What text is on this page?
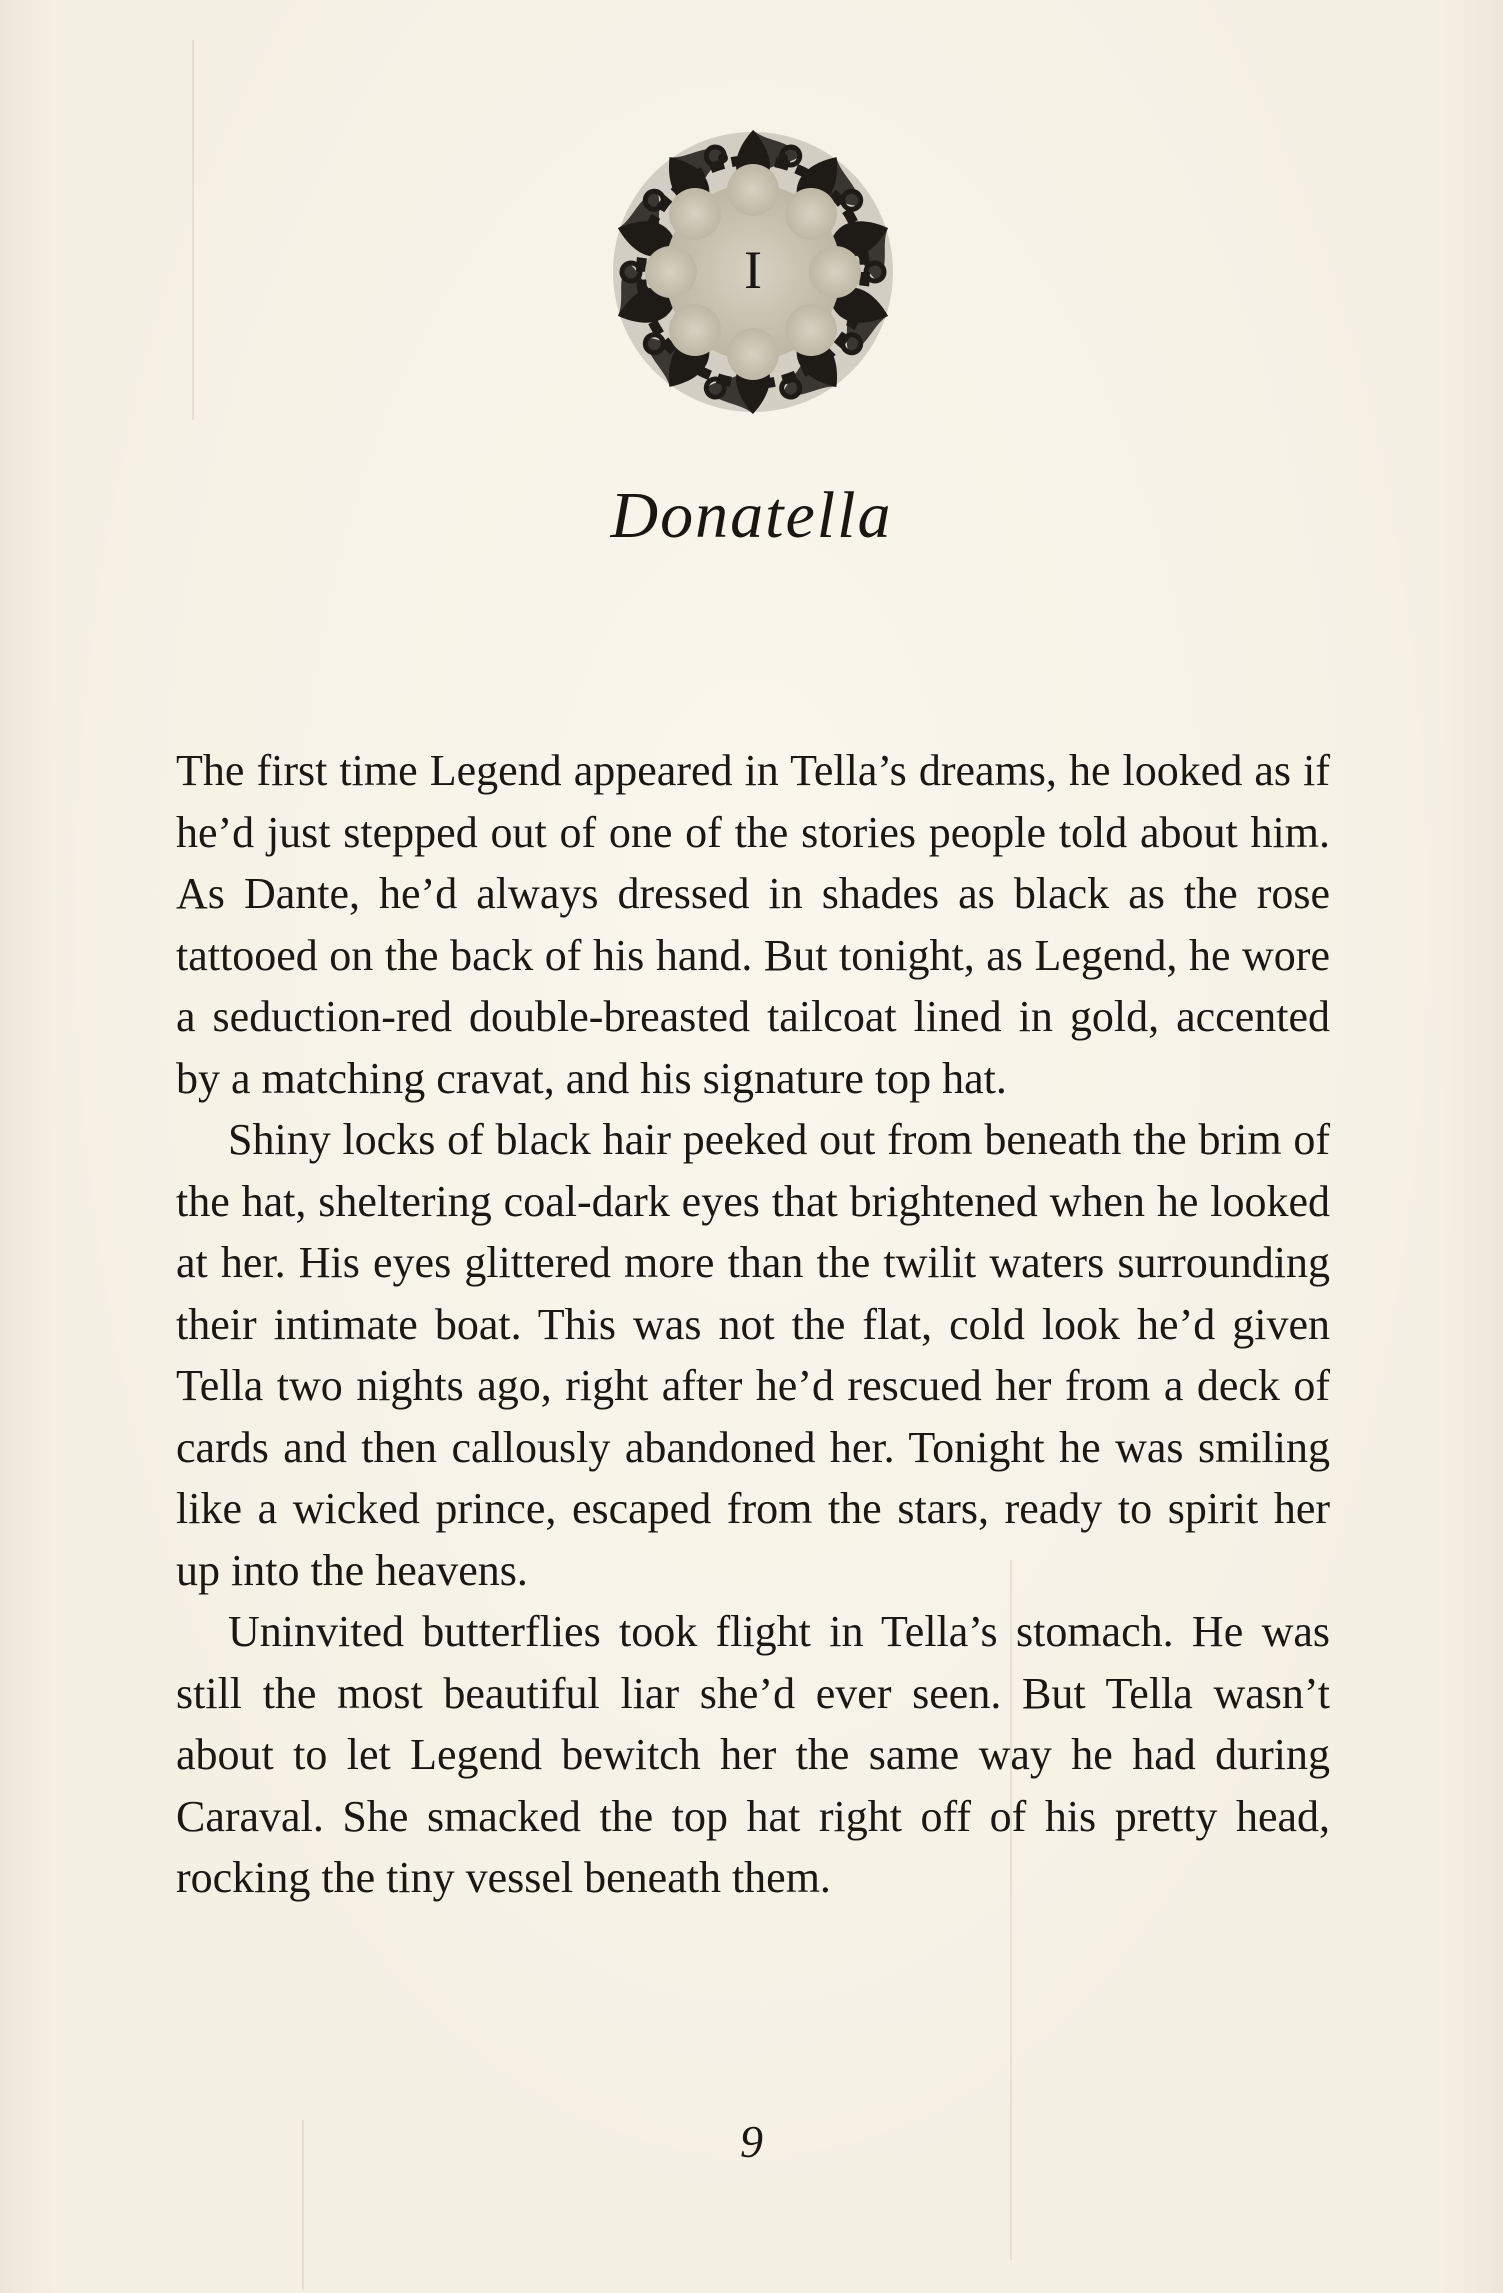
I
Donatella

The first time Legend appeared in Tella’s dreams, he looked as if he’d just stepped out of one of the stories people told about him. As Dante, he’d always dressed in shades as black as the rose tattooed on the back of his hand. But tonight, as Legend, he wore a seduction-red double-breasted tailcoat lined in gold, accented by a matching cravat, and his signature top hat.

Shiny locks of black hair peeked out from beneath the brim of the hat, sheltering coal-dark eyes that brightened when he looked at her. His eyes glittered more than the twilit waters surrounding their intimate boat. This was not the flat, cold look he’d given Tella two nights ago, right after he’d rescued her from a deck of cards and then callously abandoned her. Tonight he was smiling like a wicked prince, escaped from the stars, ready to spirit her up into the heavens.

Uninvited butterflies took flight in Tella’s stomach. He was still the most beautiful liar she’d ever seen. But Tella wasn’t about to let Legend bewitch her the same way he had during Caraval. She smacked the top hat right off of his pretty head, rocking the tiny vessel beneath them.

9
